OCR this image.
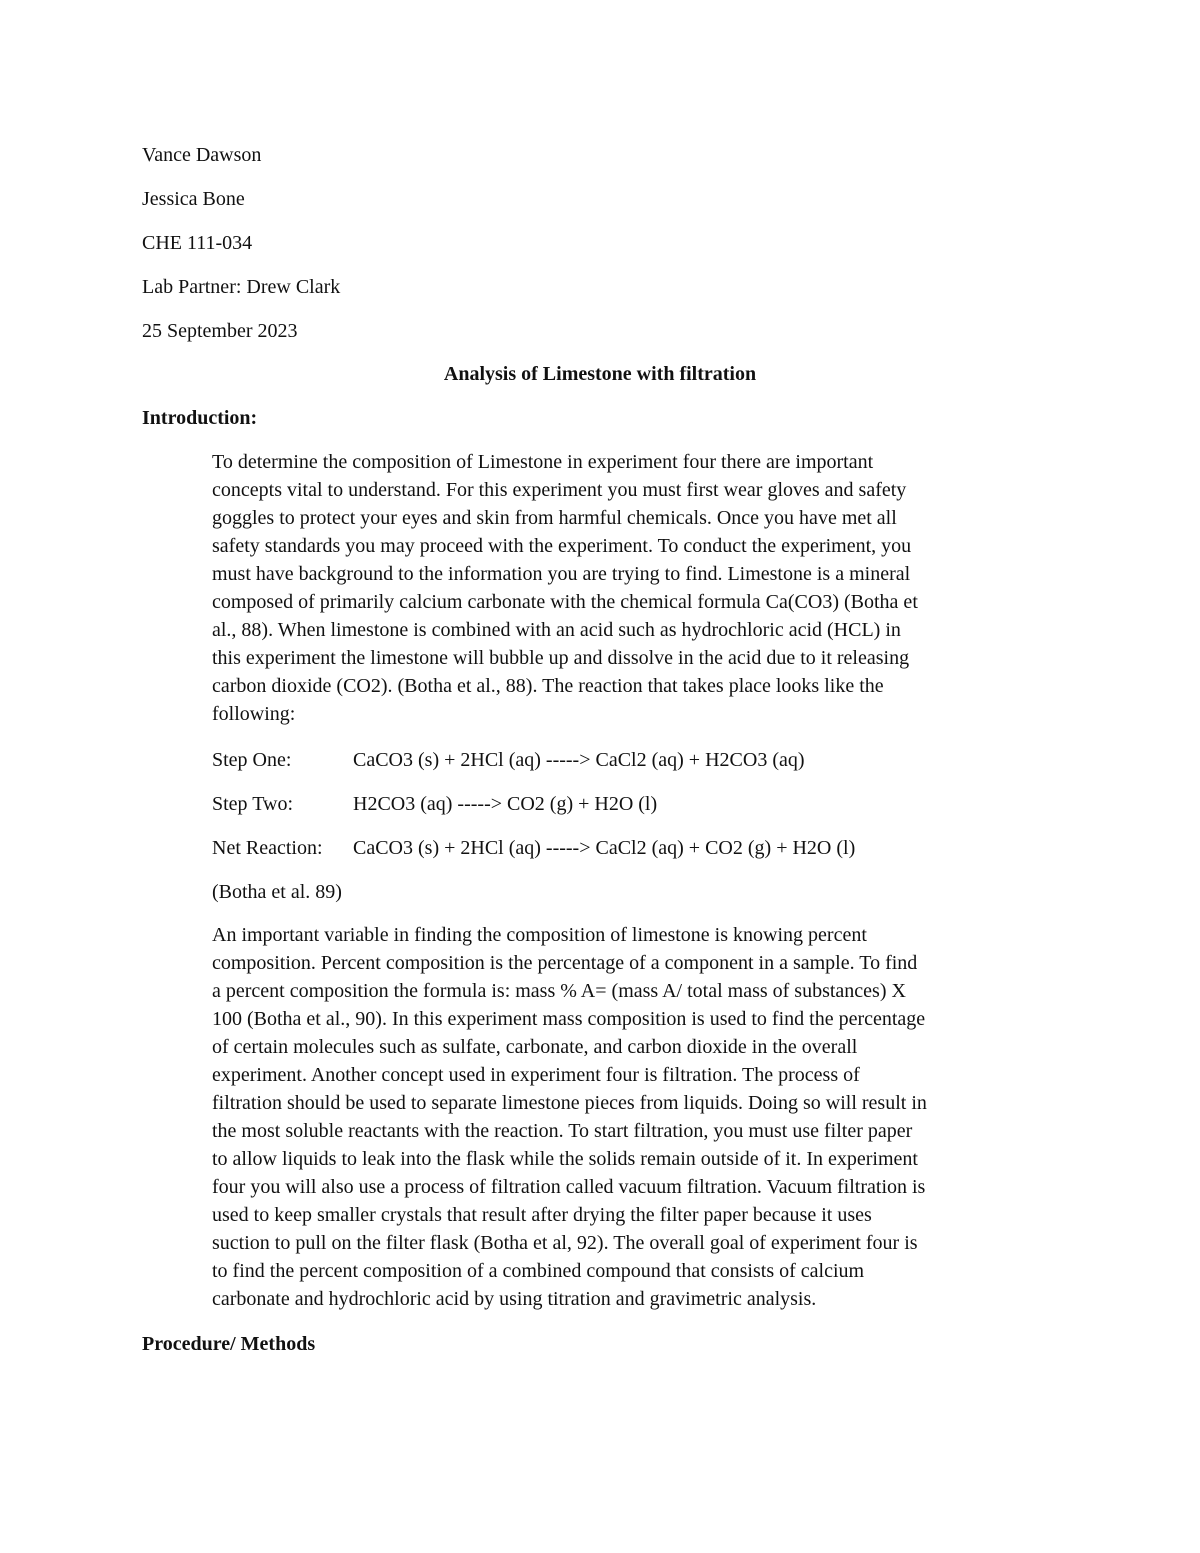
Vance Dawson
Jessica Bone
CHE 111-034
Lab Partner: Drew Clark
25 September 2023
Analysis of Limestone with filtration
Introduction:
To determine the composition of Limestone in experiment four there are important
concepts vital to understand. For this experiment you must first wear gloves and safety
goggles to protect your eyes and skin from harmful chemicals. Once you have met all
safety standards you may proceed with the experiment. To conduct the experiment, you
must have background to the information you are trying to find. Limestone is a mineral
composed of primarily calcium carbonate with the chemical formula Ca(CO3) (Botha et
al., 88). When limestone is combined with an acid such as hydrochloric acid (HCL) in
this experiment the limestone will bubble up and dissolve in the acid due to it releasing
carbon dioxide (CO2). (Botha et al., 88). The reaction that takes place looks like the
following:
Step One:	CaCO3 (s) + 2HCl (aq) -----> CaCl2 (aq) + H2CO3 (aq)
Step Two:	H2CO3 (aq) -----> CO2 (g) + H2O (l)
Net Reaction: CaCO3 (s) + 2HCl (aq) -----> CaCl2 (aq) + CO2 (g) + H2O (l)
(Botha et al. 89)
An important variable in finding the composition of limestone is knowing percent
composition. Percent composition is the percentage of a component in a sample. To find
a percent composition the formula is: mass % A= (mass A/ total mass of substances) X
100 (Botha et al., 90). In this experiment mass composition is used to find the percentage
of certain molecules such as sulfate, carbonate, and carbon dioxide in the overall
experiment. Another concept used in experiment four is filtration. The process of
filtration should be used to separate limestone pieces from liquids. Doing so will result in
the most soluble reactants with the reaction. To start filtration, you must use filter paper
to allow liquids to leak into the flask while the solids remain outside of it. In experiment
four you will also use a process of filtration called vacuum filtration. Vacuum filtration is
used to keep smaller crystals that result after drying the filter paper because it uses
suction to pull on the filter flask (Botha et al, 92). The overall goal of experiment four is
to find the percent composition of a combined compound that consists of calcium
carbonate and hydrochloric acid by using titration and gravimetric analysis.
Procedure/ Methods
